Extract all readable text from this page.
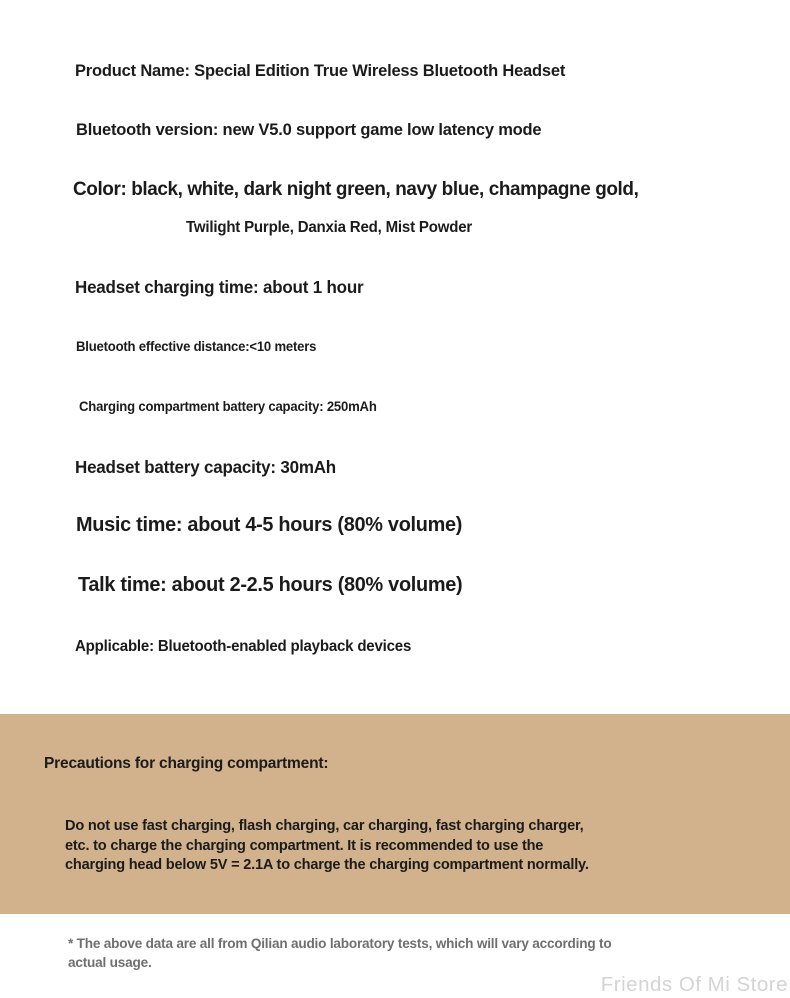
Product Name: Special Edition True Wireless Bluetooth Headset
Bluetooth version: new V5.0 support game low latency mode
Color: black, white, dark night green, navy blue, champagne gold,
Twilight Purple, Danxia Red, Mist Powder
Headset charging time: about 1 hour
Bluetooth effective distance:<10 meters
Charging compartment battery capacity: 250mAh
Headset battery capacity: 30mAh
Music time: about 4-5 hours (80% volume)
Talk time: about 2-2.5 hours (80% volume)
Applicable: Bluetooth-enabled playback devices
Precautions for charging compartment:
Do not use fast charging, flash charging, car charging, fast charging charger,
etc. to charge the charging compartment. It is recommended to use the
charging head below 5V = 2.1A to charge the charging compartment normally.
* The above data are all from Qilian audio laboratory tests, which will vary according to
actual usage.
Friends Of Mi Store
